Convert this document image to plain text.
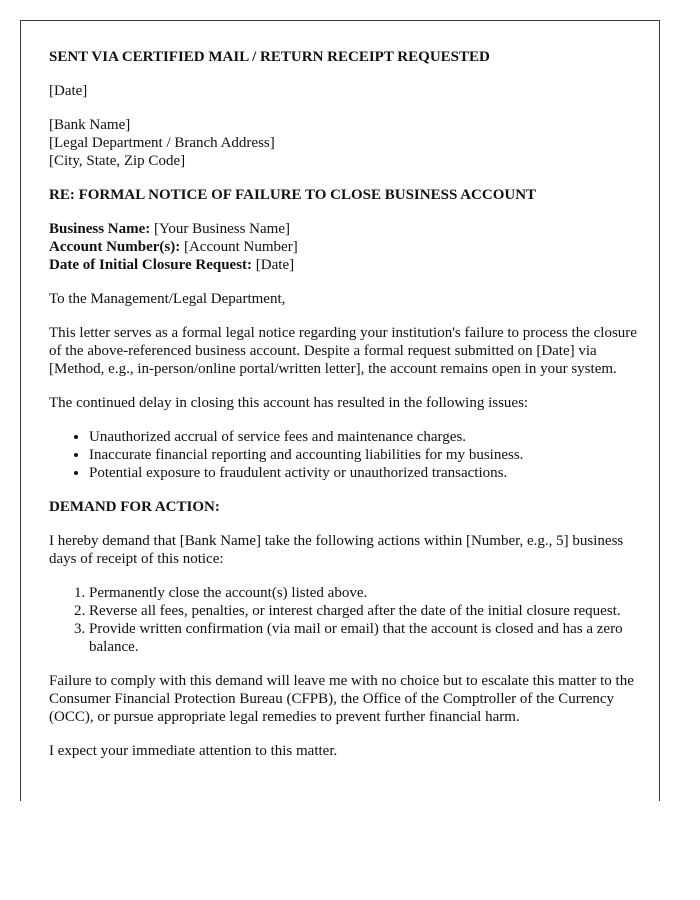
SENT VIA CERTIFIED MAIL / RETURN RECEIPT REQUESTED

[Date]

[Bank Name]
[Legal Department / Branch Address]
[City, State, Zip Code]

RE: FORMAL NOTICE OF FAILURE TO CLOSE BUSINESS ACCOUNT

Business Name: [Your Business Name]
Account Number(s): [Account Number]
Date of Initial Closure Request: [Date]

To the Management/Legal Department,

This letter serves as a formal legal notice regarding your institution's failure to process the closure of the above-referenced business account. Despite a formal request submitted on [Date] via [Method, e.g., in-person/online portal/written letter], the account remains open in your system.

The continued delay in closing this account has resulted in the following issues:

• Unauthorized accrual of service fees and maintenance charges.
• Inaccurate financial reporting and accounting liabilities for my business.
• Potential exposure to fraudulent activity or unauthorized transactions.

DEMAND FOR ACTION:

I hereby demand that [Bank Name] take the following actions within [Number, e.g., 5] business days of receipt of this notice:

1. Permanently close the account(s) listed above.
2. Reverse all fees, penalties, or interest charged after the date of the initial closure request.
3. Provide written confirmation (via mail or email) that the account is closed and has a zero balance.

Failure to comply with this demand will leave me with no choice but to escalate this matter to the Consumer Financial Protection Bureau (CFPB), the Office of the Comptroller of the Currency (OCC), or pursue appropriate legal remedies to prevent further financial harm.

I expect your immediate attention to this matter.
